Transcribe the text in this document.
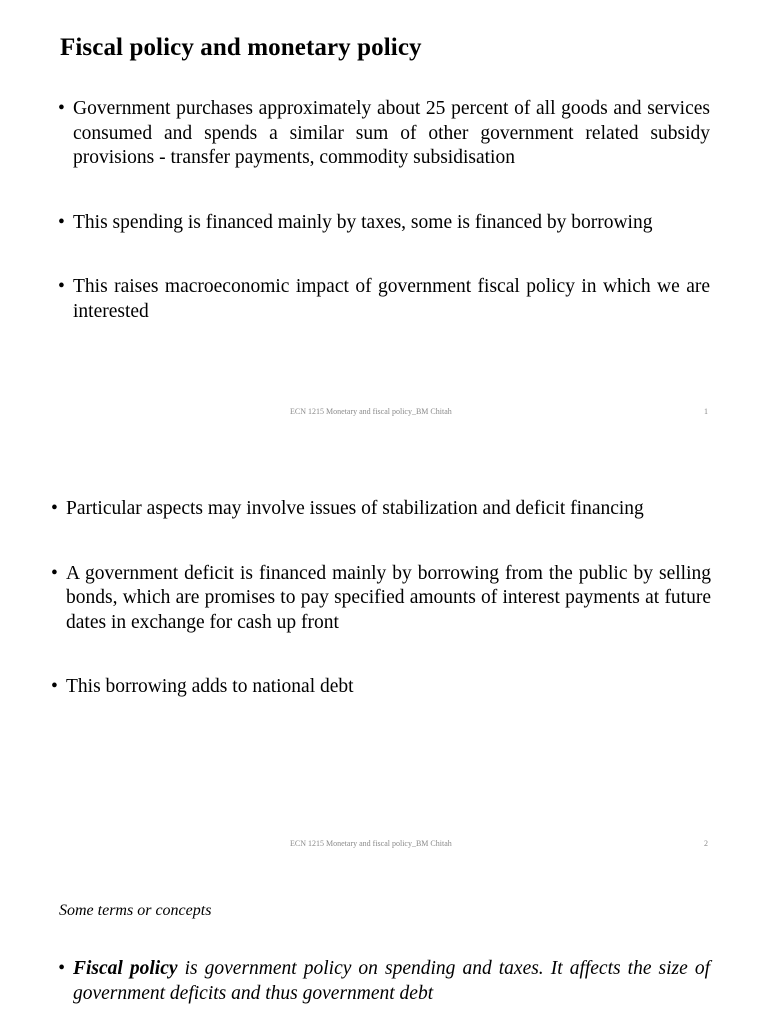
Fiscal policy and monetary policy
• Government purchases approximately about 25 percent of all goods and services consumed and spends a similar sum of other government related subsidy provisions - transfer payments, commodity subsidisation
• This spending is financed mainly by taxes, some is financed by borrowing
• This raises macroeconomic impact of government fiscal policy in which we are interested
ECN 1215 Monetary and fiscal policy_BM Chitah	1
• Particular aspects may involve issues of stabilization and deficit financing
• A government deficit is financed mainly by borrowing from the public by selling bonds, which are promises to pay specified amounts of interest payments at future dates in exchange for cash up front
• This borrowing adds to national debt
ECN 1215 Monetary and fiscal policy_BM Chitah	2
Some terms or concepts
• Fiscal policy is government policy on spending and taxes. It affects the size of government deficits and thus government debt
